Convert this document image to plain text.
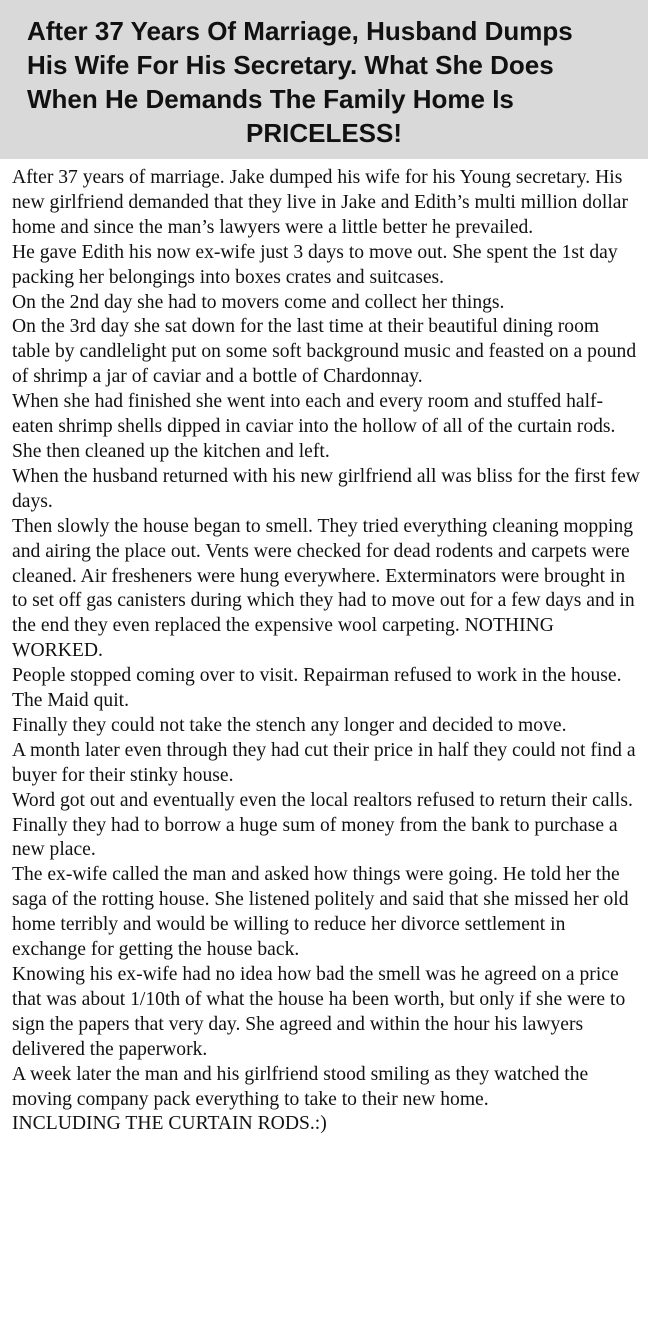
After 37 Years Of Marriage, Husband Dumps
His Wife For His Secretary. What She Does
When He Demands The Family Home Is
PRICELESS!

After 37 years of marriage. Jake dumped his wife for his Young secretary. His new girlfriend demanded that they live in Jake and Edith’s multi million dollar home and since the man’s lawyers were a little better he prevailed.

He gave Edith his now ex-wife just 3 days to move out. She spent the 1st day packing her belongings into boxes crates and suitcases.

On the 2nd day she had to movers come and collect her things.

On the 3rd day she sat down for the last time at their beautiful dining room table by candlelight put on some soft background music and feasted on a pound of shrimp a jar of caviar and a bottle of Chardonnay.

When she had finished she went into each and every room and stuffed half-eaten shrimp shells dipped in caviar into the hollow of all of the curtain rods. She then cleaned up the kitchen and left.

When the husband returned with his new girlfriend all was bliss for the first few days.

Then slowly the house began to smell. They tried everything cleaning mopping and airing the place out. Vents were checked for dead rodents and carpets were cleaned. Air fresheners were hung everywhere. Exterminators were brought in to set off gas canisters during which they had to move out for a few days and in the end they even replaced the expensive wool carpeting. NOTHING WORKED.

People stopped coming over to visit. Repairman refused to work in the house.

The Maid quit.

Finally they could not take the stench any longer and decided to move.

A month later even through they had cut their price in half they could not find a buyer for their stinky house.

Word got out and eventually even the local realtors refused to return their calls. Finally they had to borrow a huge sum of money from the bank to purchase a new place.

The ex-wife called the man and asked how things were going. He told her the saga of the rotting house. She listened politely and said that she missed her old home terribly and would be willing to reduce her divorce settlement in exchange for getting the house back.

Knowing his ex-wife had no idea how bad the smell was he agreed on a price that was about 1/10th of what the house ha been worth, but only if she were to sign the papers that very day. She agreed and within the hour his lawyers delivered the paperwork.

A week later the man and his girlfriend stood smiling as they watched the moving company pack everything to take to their new home.

INCLUDING THE CURTAIN RODS.:)
